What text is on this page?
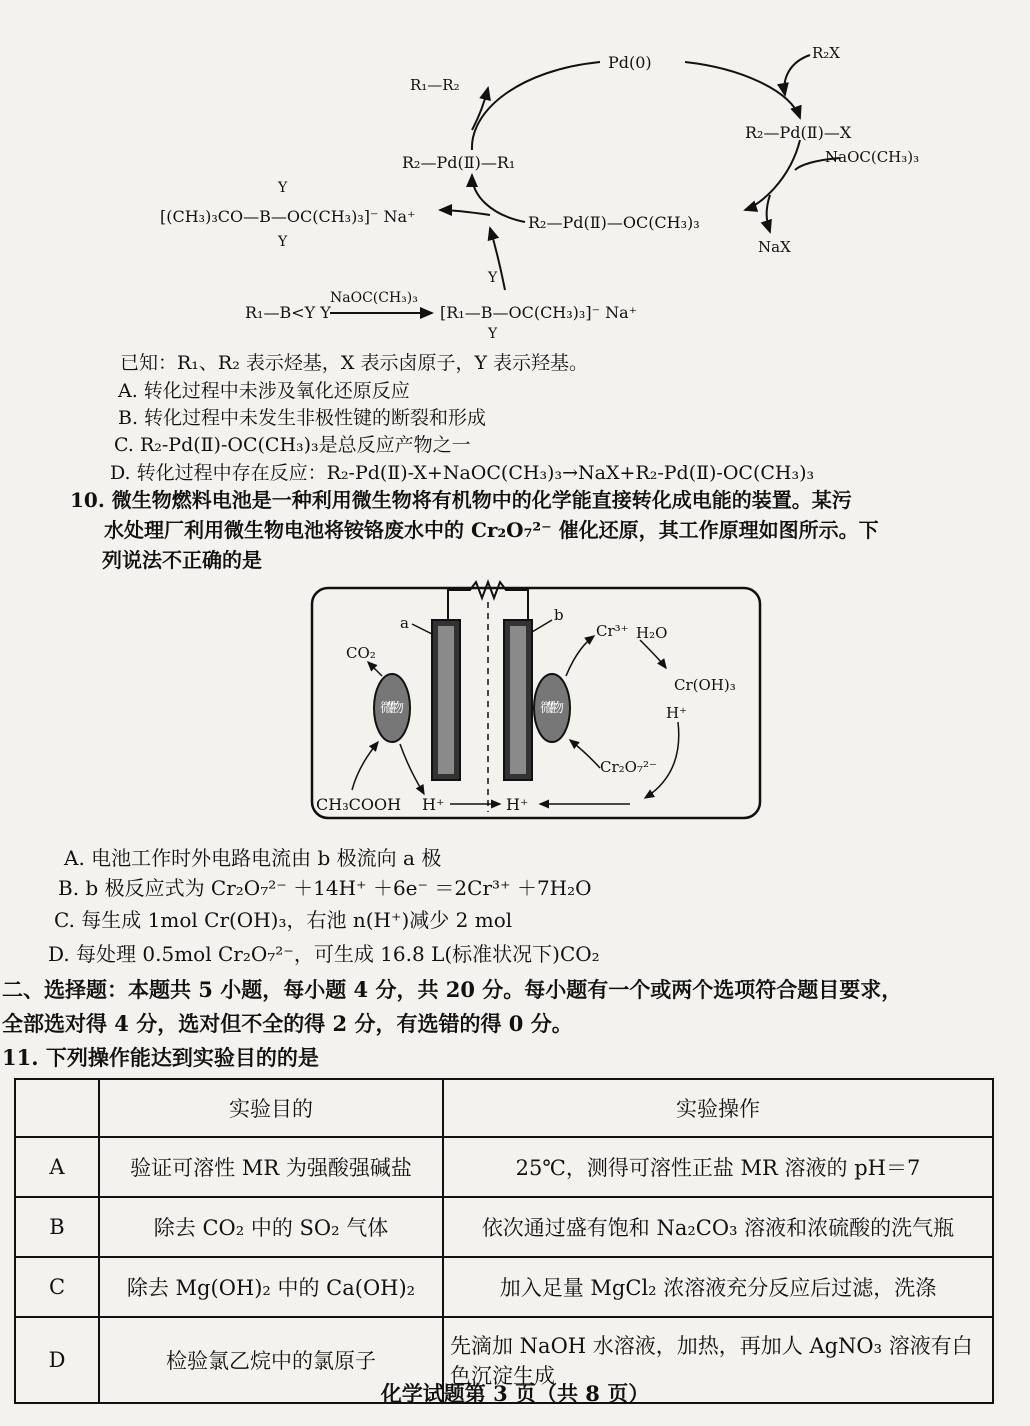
Pd(0)	R₂X
R₁—R₂
R₂—Pd(Ⅱ)—X
NaOC(CH₃)₃
R₂—Pd(Ⅱ)—R₁
R₂—Pd(Ⅱ)—OC(CH₃)₃
NaX
[(CH₃)₃CO—B—OC(CH₃)₃]⁻ Na⁺
Y
Y
R₁—B<Y Y
NaOC(CH₃)₃
[R₁—B—OC(CH₃)₃]⁻ Na⁺
Y
Y
已知：R₁、R₂ 表示烃基，X 表示卤原子，Y 表示羟基。
A. 转化过程中未涉及氧化还原反应
B. 转化过程中未发生非极性键的断裂和形成
C. R₂-Pd(Ⅱ)-OC(CH₃)₃是总反应产物之一
D. 转化过程中存在反应：R₂-Pd(Ⅱ)-X+NaOC(CH₃)₃→NaX+R₂-Pd(Ⅱ)-OC(CH₃)₃
10. 微生物燃料电池是一种利用微生物将有机物中的化学能直接转化成电能的装置。某污
水处理厂利用微生物电池将铵铬废水中的 Cr₂O₇²⁻ 催化还原，其工作原理如图所示。下
列说法不正确的是
a	b
微生物	微生物
CO₂
CH₃COOH H⁺	H⁺
Cr³⁺ H₂O
Cr(OH)₃
H⁺
Cr₂O₇²⁻
A. 电池工作时外电路电流由 b 极流向 a 极
B. b 极反应式为 Cr₂O₇²⁻ ＋14H⁺ ＋6e⁻ ＝2Cr³⁺ ＋7H₂O
C. 每生成 1mol Cr(OH)₃，右池 n(H⁺)减少 2 mol
D. 每处理 0.5mol Cr₂O₇²⁻，可生成 16.8 L(标准状况下)CO₂
二、选择题：本题共 5 小题，每小题 4 分，共 20 分。每小题有一个或两个选项符合题目要求，
全部选对得 4 分，选对但不全的得 2 分，有选错的得 0 分。
11. 下列操作能达到实验目的的是
	实验目的	实验操作
A	验证可溶性 MR 为强酸强碱盐	25℃，测得可溶性正盐 MR 溶液的 pH＝7
B	除去 CO₂ 中的 SO₂ 气体	依次通过盛有饱和 Na₂CO₃ 溶液和浓硫酸的洗气瓶
C	除去 Mg(OH)₂ 中的 Ca(OH)₂	加入足量 MgCl₂ 浓溶液充分反应后过滤，洗涤
D	检验氯乙烷中的氯原子	先滴加 NaOH 水溶液，加热，再加人 AgNO₃ 溶液有白色沉淀生成
化学试题第 3 页（共 8 页）
